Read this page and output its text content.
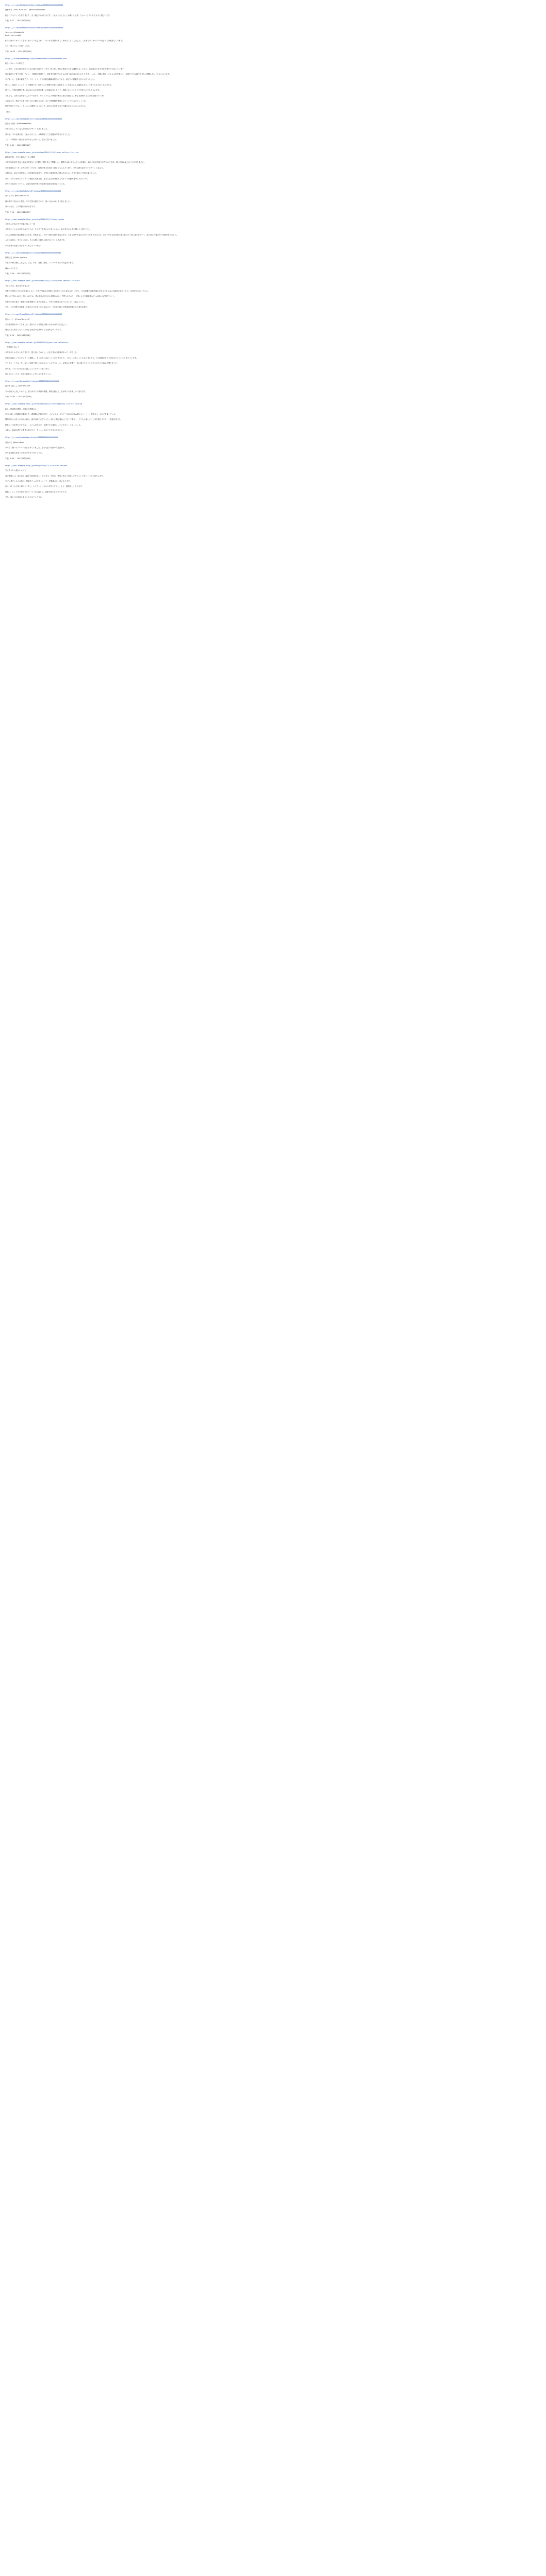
https://x.com/NishinoYukiKen/status/1868000000000000000
西野ゆき（Yuki Nishino） @NishinoYukiKen
新しいアカウントを作りました。引っ越しのお知らせです。これからもよろしくお願いします。フォローしていただけると嬉しいです。
午後 8:17 · 2024年12月15日
https://x.com/NishinoYukiKen/status/1868010000000000000
Jessica @CubeWorld
Nashi @ArtistMM
私は以前のアカウントを長く使っていましたが、いろいろな事情で新しく始めることにしました。これまでのフォロワーの皆さんには感謝しています。
もう一度よろしくお願いします。
午前 10:53 · 2024年12月16日
https://threadreaderapp.com/thread/1868021000000000000.html
新しいスレッドの始まり
ここ数年、日本の地方都市では人口減少が続いています。特に若い世代の流出が大きな課題となっており、自治体はさまざまな対策を打ち出しています。
住宅補助や子育て支援、テレワーク環境の整備など、移住者を呼び込むための取り組みは多岐にわたります。しかし、実際に移住した人々の声を聞くと、制度だけでは解決できない問題も多いことがわかります。
まず第一に、仕事の確保です。リモートワークが可能な職種は限られており、地元での就職先も多くはありません。
第二に、地域コミュニティとの関係です。昔ながらの習慣や行事に参加することが求められる場面もあり、戸惑う人も少なくありません。
第三に、交通の問題です。車がなければ生活が難しい地域がほとんどで、高齢になったときの不安を口にする人もいます。
それでも、自然の豊かさや人とのつながり、ゆったりとした時間の流れに魅力を感じて、移住を決断する人は増え続けています。
大切なのは、移住する側と受け入れる側の双方が、互いの価値観を理解し合うことではないでしょうか。
制度設計だけでなく、人と人との関係づくりにこそ、地方の未来を左右する鍵があるのかもしれません。
（続く）
https://x.com/TeaTimeWriter/status/1868030000000000000
紅茶とお菓子 @TeaTimeWriter
今日は久しぶりに友人と喫茶店でゆっくり話しました。
昔の話、今の仕事の話、これからのこと。何時間話しても話題は尽きませんでした。
こういう時間が一番大切なのかもしれないと、改めて思いました。
午後 6:42 · 2024年12月16日
https://www.example-news.jp/articles/2024/12/16/local-culture-festival
地域文化祭、今年も盛況のうちに閉幕
今年で30回目を迎えた地域文化祭が、3日間の日程を終えて閉幕した。期間中は延べ2万人以上が来場し、地元の伝統芸能や手作りの工芸品、郷土料理の屋台などが人気を集めた。
実行委員長は「多くの方に来ていただき、地域の魅力を改めて感じてもらえたと思う。来年以降も続けていきたい」と話した。
会場では、地元の高校生による吹奏楽の演奏や、小学生の書道作品の展示も行われ、世代を超えた交流の場となった。
また、今年は初めてオンライン配信も実施され、遠方に住む出身者からも多くの反響が寄せられたという。
来年の文化祭については、会場の拡張や新たな企画の追加も検討されている。
https://x.com/DailyNotesJP/status/1868040000000000000
日々のメモ @DailyNotesJP
朝の散歩で見かけた景色。冬の空気は澄んでいて、遠くの山がはっきり見えました。
寒いけれど、この季節の朝は好きです。
午前 7:15 · 2024年12月17日
https://www.example-blog.jp/entry/2024/12/17/book-review
今年読んだ本の中で印象に残った一冊
今年もたくさんの本を読みましたが、その中でも特に心に残ったのは、ある老人の人生を描いた小説でした。
主人公は戦後の混乱期を生き抜き、家族を支え、やがて静かな晩年を迎えます。大きな事件が起きるわけではありませんが、日々の小さな出来事の積み重ねが丁寧に描かれていて、読み終えた後に深い余韻が残りました。
人生とは何か、幸せとは何か。そんな問いを静かに投げかけてくる作品です。
年末年始の読書にぜひおすすめしたい一冊です。
https://x.com/CookingDiary/status/1868050000000000000
料理日記 @CookingDiary
今日の夕飯は鍋にしました。白菜、ねぎ、豆腐、鶏肉。シンプルだけど体が温まります。
締めはうどんで。
午後 7:30 · 2024年12月17日
https://www.example-news.jp/articles/2024/12/18/winter-weather-forecast
今冬の天気、寒さは平年並みか
気象台が発表した3か月予報によると、今冬の気温は全国的に平年並みとなる見込みだ。ただし、日本海側では降雪量が平年より多くなる可能性があるとして、注意を呼びかけている。
特に1月中旬から2月上旬にかけては、強い寒気が流れ込む時期があると予想されており、大雪による交通障害などへの備えが必要だという。
気象台の担当者は「最新の気象情報をこまめに確認し、早めの対策を心がけてほしい」と話している。
また、太平洋側では乾燥した晴れの日が多くなる見込みで、火の取り扱いや感染症対策にも注意が必要だ。
https://x.com/TravelNotesJP/status/1868060000000000000
旅のノート @TravelNotesJP
冬の温泉街を歩いてきました。湯けむりと雪景色の組み合わせは本当に美しい。
地元の方に教えてもらった小さな食堂の定食がとても美味しかったです。
午後 3:20 · 2024年12月18日
https://www.example-column.jp/2024/12/19/year-end-reflection
一年を振り返って
今年もあとわずかとなりました。振り返ってみると、さまざまな出来事があった一年でした。
仕事では新しいプロジェクトに挑戦し、多くの人と出会うことができました。うまくいかないこともありましたが、その経験が自分を成長させてくれたと感じています。
プライベートでは、久しぶりに家族で旅行に出かけることができました。何気ない時間を一緒に過ごせることのありがたさを改めて感じました。
来年も、一日一日を大切に過ごしていきたいと思います。
皆さんにとっても、来年が素晴らしい年になりますように。
https://x.com/GardenLife/status/1868070000000000000
庭のある暮らし @GardenLife
冬の庭は少し寂しいけれど、春に向けての準備の季節。球根を植えて、花が咲くのを楽しみに待ちます。
午前 11:05 · 2024年12月19日
https://www.example-news.jp/articles/2024/12/20/community-library-opening
新しい図書館が開館、地域の交流拠点に
市内に新しい図書館が開館した。蔵書数は約15万冊で、カフェスペースや子ども向けの読み聞かせコーナー、学習スペースなどを備えている。
開館初日には多くの市民が訪れ、館内は終日にぎわった。訪れた親子連れは「広くて明るく、子どもも楽しそうに本を選んでいた」と笑顔を見せた。
館長は「本を読むだけでなく、人と人が出会い、交流できる場所にしていきたい」と話している。
今後は、地域の歴史に関する展示やワークショップなども予定されている。
https://x.com/MusicMemo/status/1868080000000000000
音楽メモ @MusicMemo
今年よく聴いたアルバムをまとめてみました。どれも思い出深い作品ばかり。
来年も素敵な音楽との出会いがありますように。
午後 9:48 · 2024年12月20日
https://www.example-blog.jp/entry/2024/12/21/winter-recipes
冬に作りたい温かいレシピ
寒い季節には、体の芯から温まる料理が恋しくなります。今回は、簡単に作れて美味しい冬のレシピをいくつかご紹介します。
まずは具だくさんの豚汁。根菜をたっぷり使うことで、栄養満点の一品になります。
次に、ほうれん草と卵のグラタン。ホワイトソースから手作りすると、より一層美味しくなります。
最後に、しょうがを効かせたスープ。体が温まり、風邪予防にもおすすめです。
ぜひ、寒い日の食卓に取り入れてみてください。
